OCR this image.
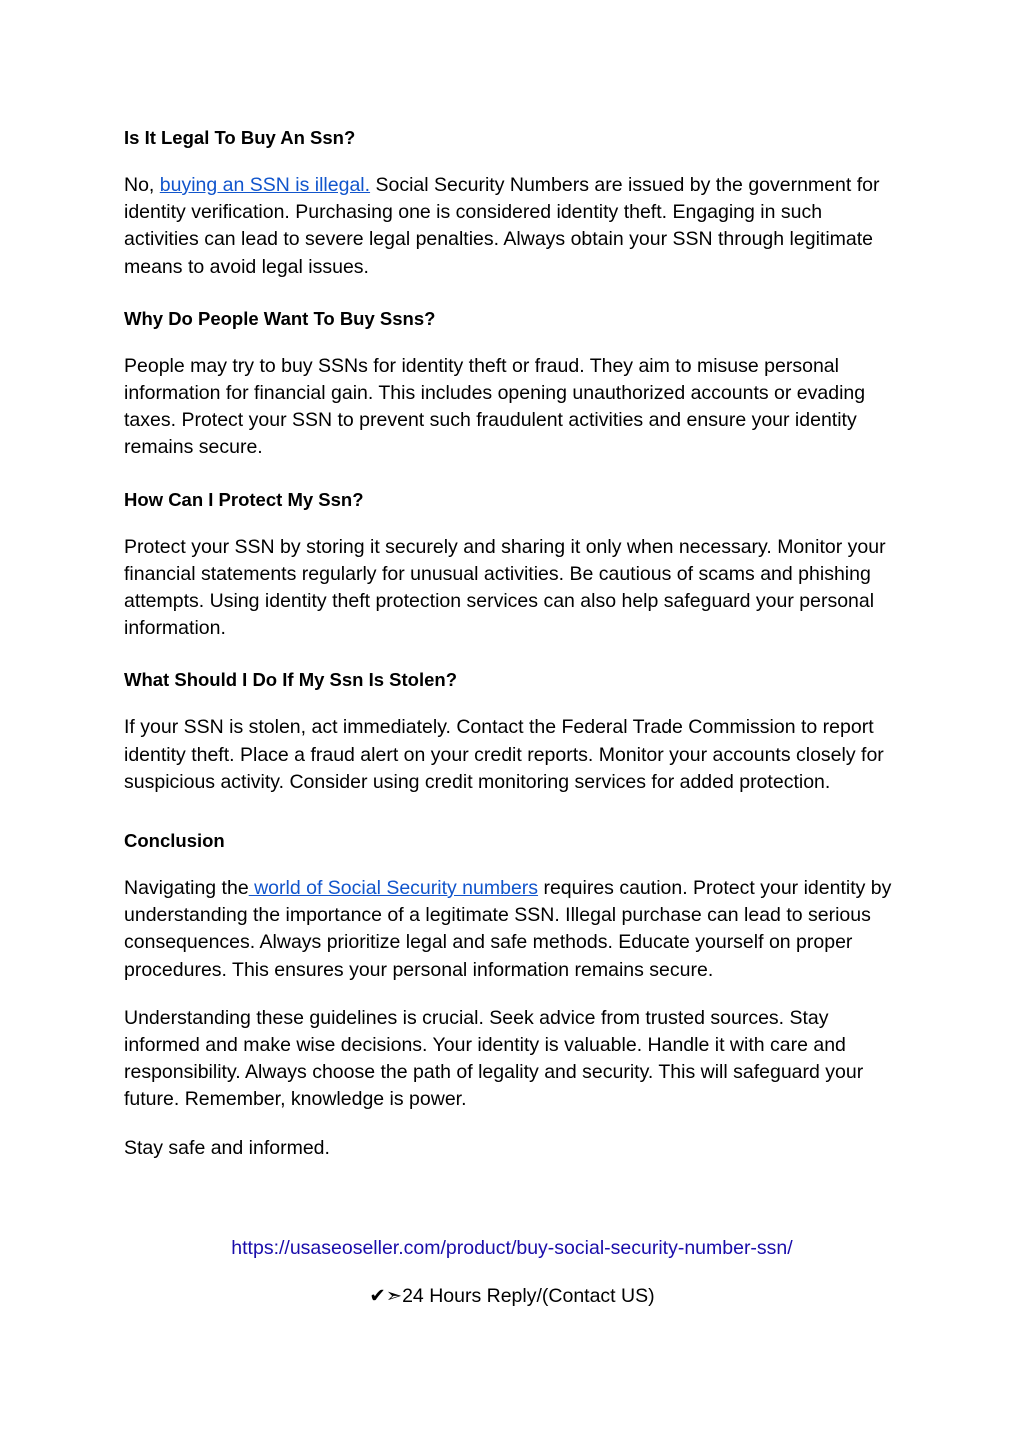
Is It Legal To Buy An Ssn?

No, buying an SSN is illegal. Social Security Numbers are issued by the government for identity verification. Purchasing one is considered identity theft. Engaging in such activities can lead to severe legal penalties. Always obtain your SSN through legitimate means to avoid legal issues.

Why Do People Want To Buy Ssns?

People may try to buy SSNs for identity theft or fraud. They aim to misuse personal information for financial gain. This includes opening unauthorized accounts or evading taxes. Protect your SSN to prevent such fraudulent activities and ensure your identity remains secure.

How Can I Protect My Ssn?

Protect your SSN by storing it securely and sharing it only when necessary. Monitor your financial statements regularly for unusual activities. Be cautious of scams and phishing attempts. Using identity theft protection services can also help safeguard your personal information.

What Should I Do If My Ssn Is Stolen?

If your SSN is stolen, act immediately. Contact the Federal Trade Commission to report identity theft. Place a fraud alert on your credit reports. Monitor your accounts closely for suspicious activity. Consider using credit monitoring services for added protection.

Conclusion

Navigating the world of Social Security numbers requires caution. Protect your identity by understanding the importance of a legitimate SSN. Illegal purchase can lead to serious consequences. Always prioritize legal and safe methods. Educate yourself on proper procedures. This ensures your personal information remains secure.

Understanding these guidelines is crucial. Seek advice from trusted sources. Stay informed and make wise decisions. Your identity is valuable. Handle it with care and responsibility. Always choose the path of legality and security. This will safeguard your future. Remember, knowledge is power.

Stay safe and informed.

https://usaseoseller.com/product/buy-social-security-number-ssn/
✔➣24 Hours Reply/(Contact US)
